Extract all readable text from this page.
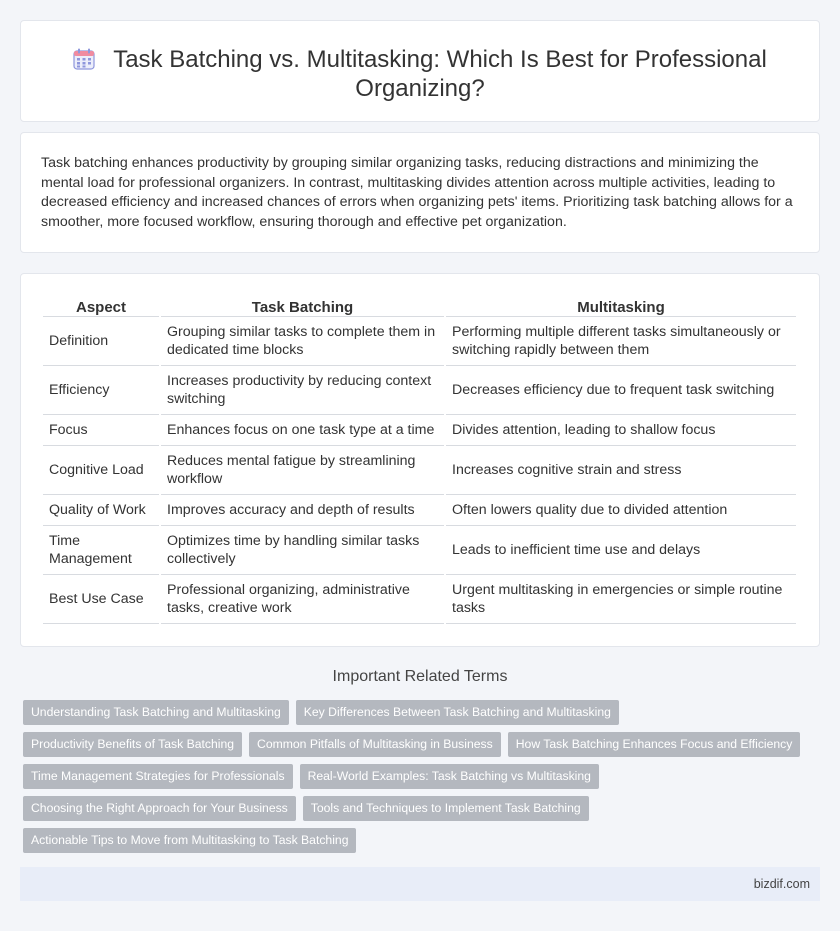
Task Batching vs. Multitasking: Which Is Best for Professional Organizing?

Task batching enhances productivity by grouping similar organizing tasks, reducing distractions and minimizing the mental load for professional organizers. In contrast, multitasking divides attention across multiple activities, leading to decreased efficiency and increased chances of errors when organizing pets' items. Prioritizing task batching allows for a smoother, more focused workflow, ensuring thorough and effective pet organization.

Aspect	Task Batching	Multitasking
Definition	Grouping similar tasks to complete them in dedicated time blocks	Performing multiple different tasks simultaneously or switching rapidly between them
Efficiency	Increases productivity by reducing context switching	Decreases efficiency due to frequent task switching
Focus	Enhances focus on one task type at a time	Divides attention, leading to shallow focus
Cognitive Load	Reduces mental fatigue by streamlining workflow	Increases cognitive strain and stress
Quality of Work	Improves accuracy and depth of results	Often lowers quality due to divided attention
Time Management	Optimizes time by handling similar tasks collectively	Leads to inefficient time use and delays
Best Use Case	Professional organizing, administrative tasks, creative work	Urgent multitasking in emergencies or simple routine tasks
Important Related Terms
Understanding Task Batching and Multitasking	Key Differences Between Task Batching and Multitasking
Productivity Benefits of Task Batching	Common Pitfalls of Multitasking in Business	How Task Batching Enhances Focus and Efficiency
Time Management Strategies for Professionals	Real-World Examples: Task Batching vs Multitasking
Choosing the Right Approach for Your Business	Tools and Techniques to Implement Task Batching
Actionable Tips to Move from Multitasking to Task Batching
bizdif.com
